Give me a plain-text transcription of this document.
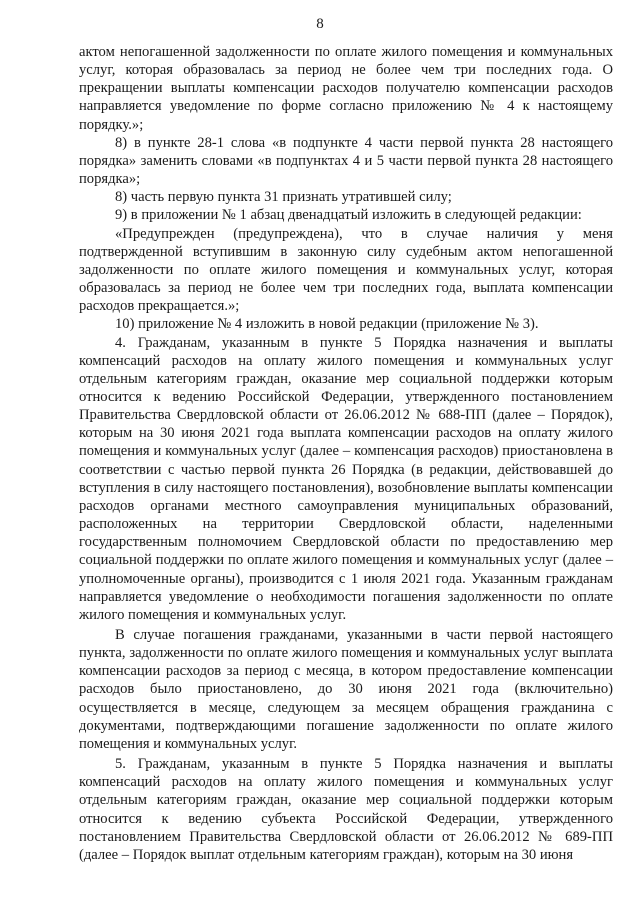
8

актом непогашенной задолженности по оплате жилого помещения и коммунальных услуг, которая образовалась за период не более чем три последних года. О прекращении выплаты компенсации расходов получателю компенсации расходов направляется уведомление по форме согласно приложению № 4 к настоящему порядку.»;

8) в пункте 28-1 слова «в подпункте 4 части первой пункта 28 настоящего порядка» заменить словами «в подпунктах 4 и 5 части первой пункта 28 настоящего порядка»;

8) часть первую пункта 31 признать утратившей силу;

9) в приложении № 1 абзац двенадцатый изложить в следующей редакции:

«Предупрежден (предупреждена), что в случае наличия у меня подтвержденной вступившим в законную силу судебным актом непогашенной задолженности по оплате жилого помещения и коммунальных услуг, которая образовалась за период не более чем три последних года, выплата компенсации расходов прекращается.»;

10) приложение № 4 изложить в новой редакции (приложение № 3).

4. Гражданам, указанным в пункте 5 Порядка назначения и выплаты компенсаций расходов на оплату жилого помещения и коммунальных услуг отдельным категориям граждан, оказание мер социальной поддержки которым относится к ведению Российской Федерации, утвержденного постановлением Правительства Свердловской области от 26.06.2012 № 688-ПП (далее – Порядок), которым на 30 июня 2021 года выплата компенсации расходов на оплату жилого помещения и коммунальных услуг (далее – компенсация расходов) приостановлена в соответствии с частью первой пункта 26 Порядка (в редакции, действовавшей до вступления в силу настоящего постановления), возобновление выплаты компенсации расходов органами местного самоуправления муниципальных образований, расположенных на территории Свердловской области, наделенными государственным полномочием Свердловской области по предоставлению мер социальной поддержки по оплате жилого помещения и коммунальных услуг (далее – уполномоченные органы), производится с 1 июля 2021 года. Указанным гражданам направляется уведомление о необходимости погашения задолженности по оплате жилого помещения и коммунальных услуг.

В случае погашения гражданами, указанными в части первой настоящего пункта, задолженности по оплате жилого помещения и коммунальных услуг выплата компенсации расходов за период с месяца, в котором предоставление компенсации расходов было приостановлено, до 30 июня 2021 года (включительно) осуществляется в месяце, следующем за месяцем обращения гражданина с документами, подтверждающими погашение задолженности по оплате жилого помещения и коммунальных услуг.

5. Гражданам, указанным в пункте 5 Порядка назначения и выплаты компенсаций расходов на оплату жилого помещения и коммунальных услуг отдельным категориям граждан, оказание мер социальной поддержки которым относится к ведению субъекта Российской Федерации, утвержденного постановлением Правительства Свердловской области от 26.06.2012 № 689-ПП (далее – Порядок выплат отдельным категориям граждан), которым на 30 июня
